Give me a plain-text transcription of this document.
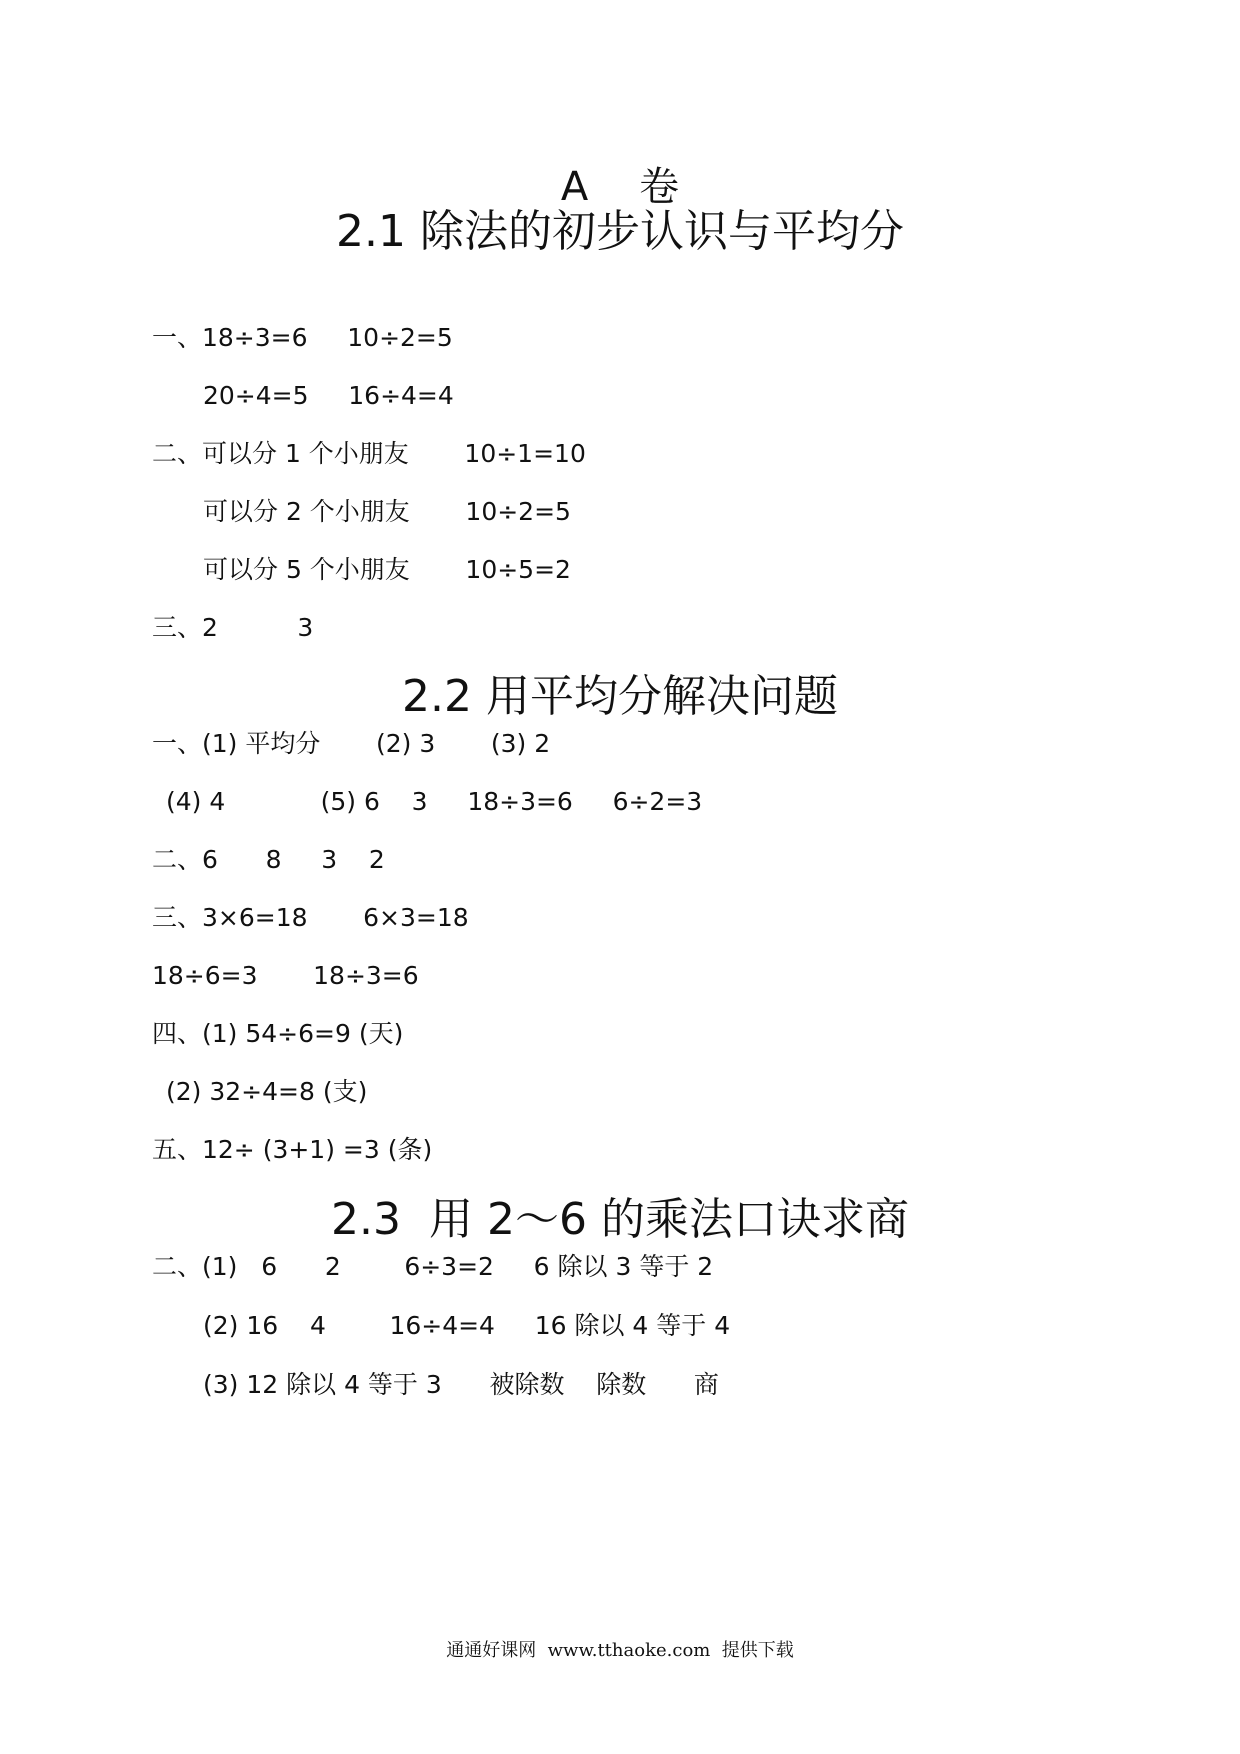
A    卷
2.1 除法的初步认识与平均分
一、18÷3=6     10÷2=5
20÷4=5     16÷4=4
二、可以分 1 个小朋友       10÷1=10
可以分 2 个小朋友       10÷2=5
可以分 5 个小朋友       10÷5=2
三、2          3
2.2 用平均分解决问题
一、(1) 平均分       (2) 3       (3) 2
(4) 4            (5) 6    3     18÷3=6     6÷2=3
二、6      8     3    2
三、3×6=18       6×3=18
18÷6=3       18÷3=6
四、(1) 54÷6=9 (天)
(2) 32÷4=8 (支)
五、12÷ (3+1) =3 (条)
2.3  用 2～6 的乘法口诀求商
二、(1)   6      2        6÷3=2     6 除以 3 等于 2
(2) 16    4        16÷4=4     16 除以 4 等于 4
(3) 12 除以 4 等于 3      被除数    除数      商
通通好课网  www.tthaoke.com  提供下载
